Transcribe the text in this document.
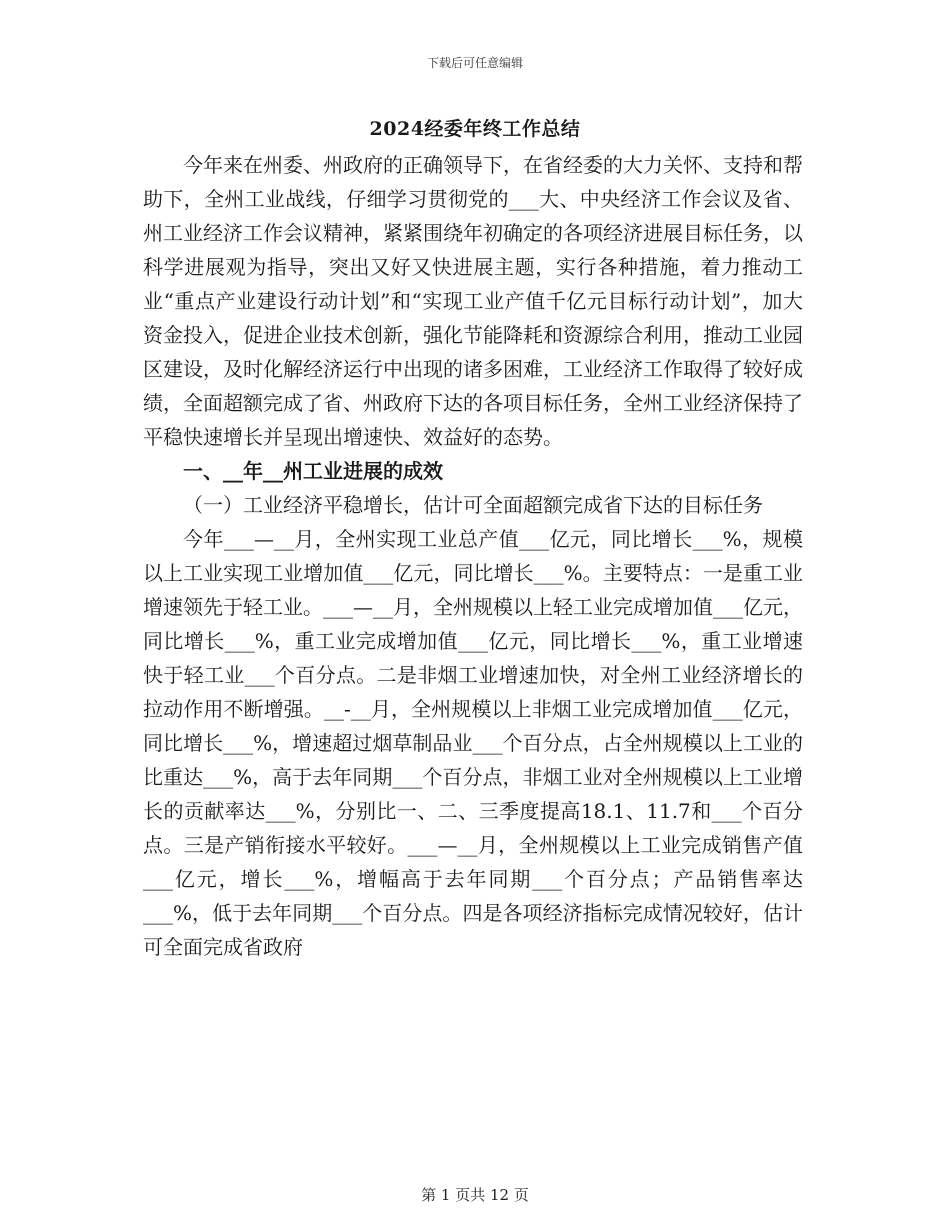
下载后可任意编辑
2024经委年终工作总结

今年来在州委、州政府的正确领导下，在省经委的大力关怀、支持和帮助下，全州工业战线，仔细学习贯彻党的___大、中央经济工作会议及省、州工业经济工作会议精神，紧紧围绕年初确定的各项经济进展目标任务，以科学进展观为指导，突出又好又快进展主题，实行各种措施，着力推动工业“重点产业建设行动计划”和“实现工业产值千亿元目标行动计划”，加大资金投入，促进企业技术创新，强化节能降耗和资源综合利用，推动工业园区建设，及时化解经济运行中出现的诸多困难，工业经济工作取得了较好成绩，全面超额完成了省、州政府下达的各项目标任务，全州工业经济保持了平稳快速增长并呈现出增速快、效益好的态势。

一、__年__州工业进展的成效

（一）工业经济平稳增长，估计可全面超额完成省下达的目标任务

今年___—__月，全州实现工业总产值___亿元，同比增长___%，规模以上工业实现工业增加值___亿元，同比增长___%。主要特点：一是重工业增速领先于轻工业。___—__月，全州规模以上轻工业完成增加值___亿元，同比增长___%，重工业完成增加值___亿元，同比增长___%，重工业增速快于轻工业___个百分点。二是非烟工业增速加快，对全州工业经济增长的拉动作用不断增强。__-__月，全州规模以上非烟工业完成增加值___亿元，同比增长___%，增速超过烟草制品业___个百分点，占全州规模以上工业的比重达___%，高于去年同期___个百分点，非烟工业对全州规模以上工业增长的贡献率达___%，分别比一、二、三季度提高18.1、11.7和___个百分点。三是产销衔接水平较好。___—__月，全州规模以上工业完成销售产值___亿元，增长___%，增幅高于去年同期___个百分点；产品销售率达___%，低于去年同期___个百分点。四是各项经济指标完成情况较好，估计可全面完成省政府

第 1 页共 12 页
